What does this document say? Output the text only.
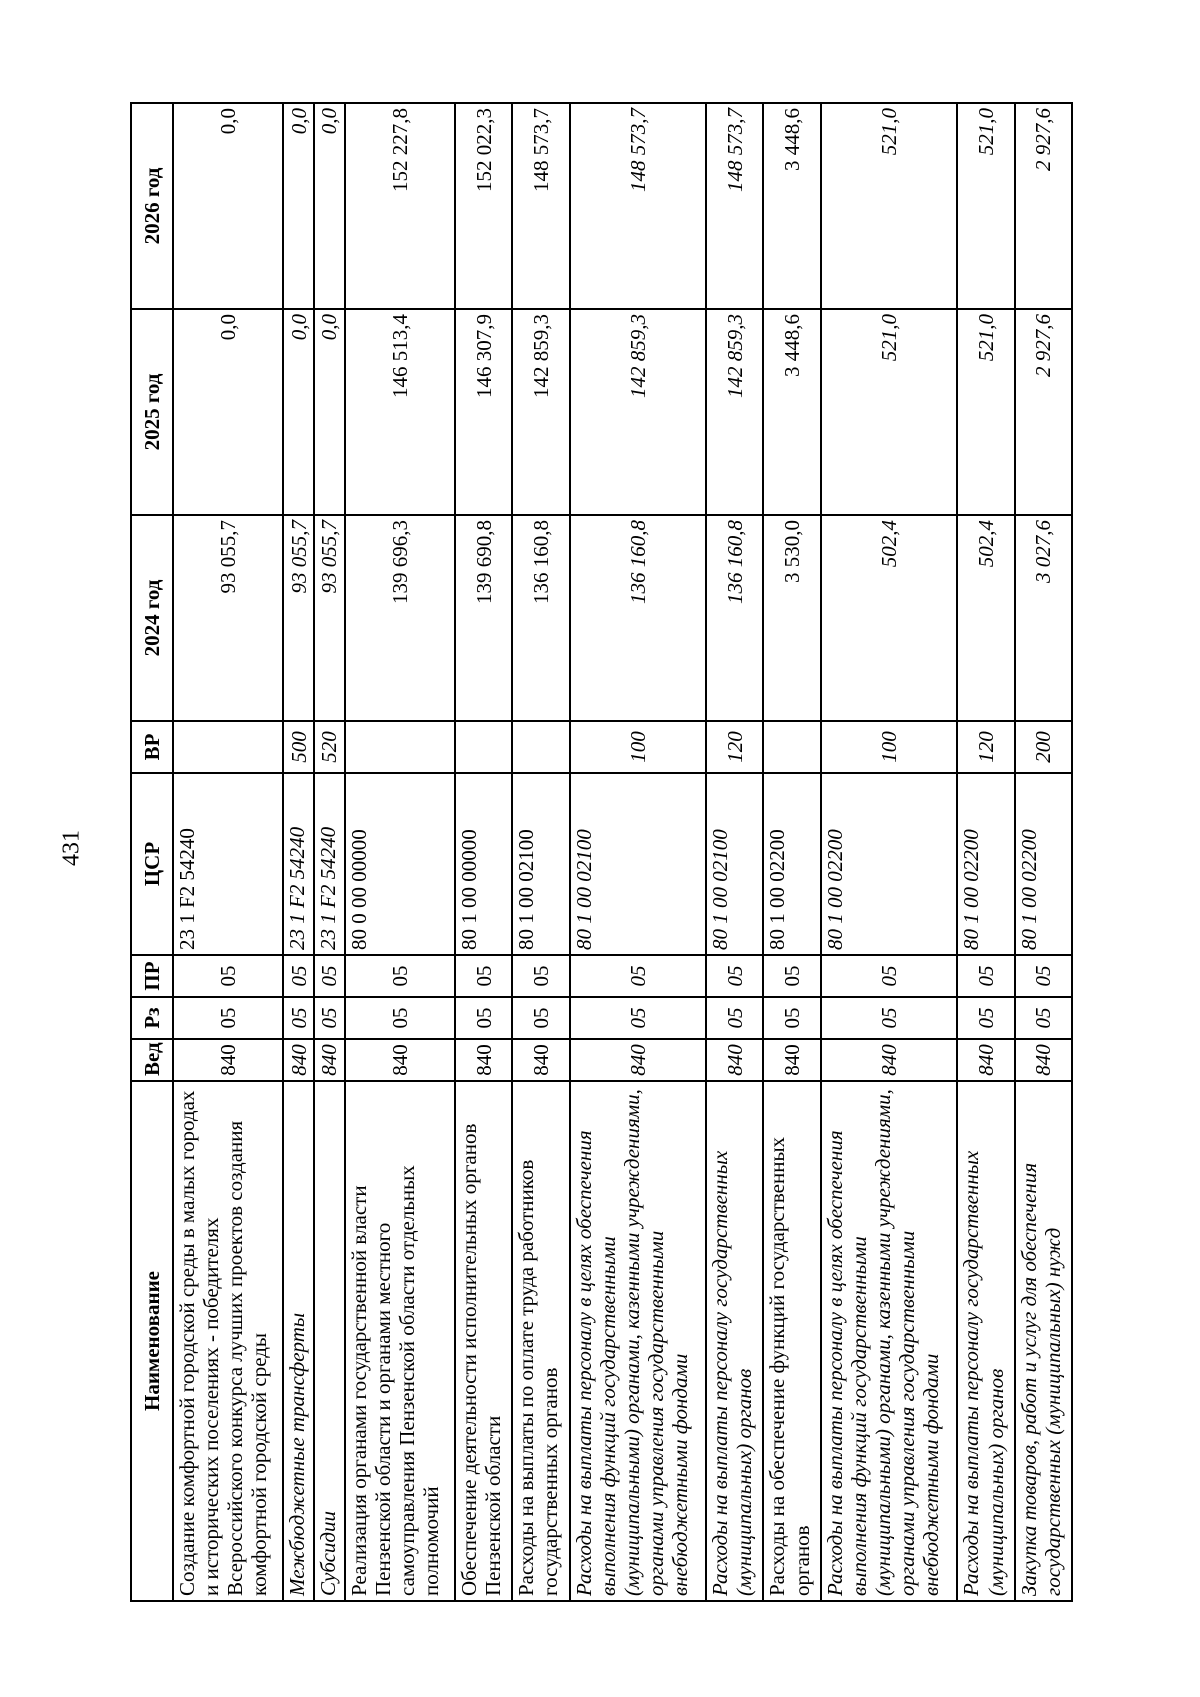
431
Наименование	Вед	Рз	ПР	ЦСР	ВР	2024 год	2025 год	2026 год
Создание комфортной городской среды в малых городах и исторических поселениях - победителях Всероссийского конкурса лучших проектов создания комфортной городской среды	840	05	05	23 1 F2 54240		93 055,7	0,0	0,0
Межбюджетные трансферты	840	05	05	23 1 F2 54240	500	93 055,7	0,0	0,0
Субсидии	840	05	05	23 1 F2 54240	520	93 055,7	0,0	0,0
Реализация органами государственной власти Пензенской области и органами местного самоуправления Пензенской области отдельных полномочий	840	05	05	80 0 00 00000		139 696,3	146 513,4	152 227,8
Обеспечение деятельности исполнительных органов Пензенской области	840	05	05	80 1 00 00000		139 690,8	146 307,9	152 022,3
Расходы на выплаты по оплате труда работников государственных органов	840	05	05	80 1 00 02100		136 160,8	142 859,3	148 573,7
Расходы на выплаты персоналу в целях обеспечения выполнения функций государственными (муниципальными) органами, казенными учреждениями, органами управления государственными внебюджетными фондами	840	05	05	80 1 00 02100	100	136 160,8	142 859,3	148 573,7
Расходы на выплаты персоналу государственных (муниципальных) органов	840	05	05	80 1 00 02100	120	136 160,8	142 859,3	148 573,7
Расходы на обеспечение функций государственных органов	840	05	05	80 1 00 02200		3 530,0	3 448,6	3 448,6
Расходы на выплаты персоналу в целях обеспечения выполнения функций государственными (муниципальными) органами, казенными учреждениями, органами управления государственными внебюджетными фондами	840	05	05	80 1 00 02200	100	502,4	521,0	521,0
Расходы на выплаты персоналу государственных (муниципальных) органов	840	05	05	80 1 00 02200	120	502,4	521,0	521,0
Закупка товаров, работ и услуг для обеспечения государственных (муниципальных) нужд	840	05	05	80 1 00 02200	200	3 027,6	2 927,6	2 927,6
